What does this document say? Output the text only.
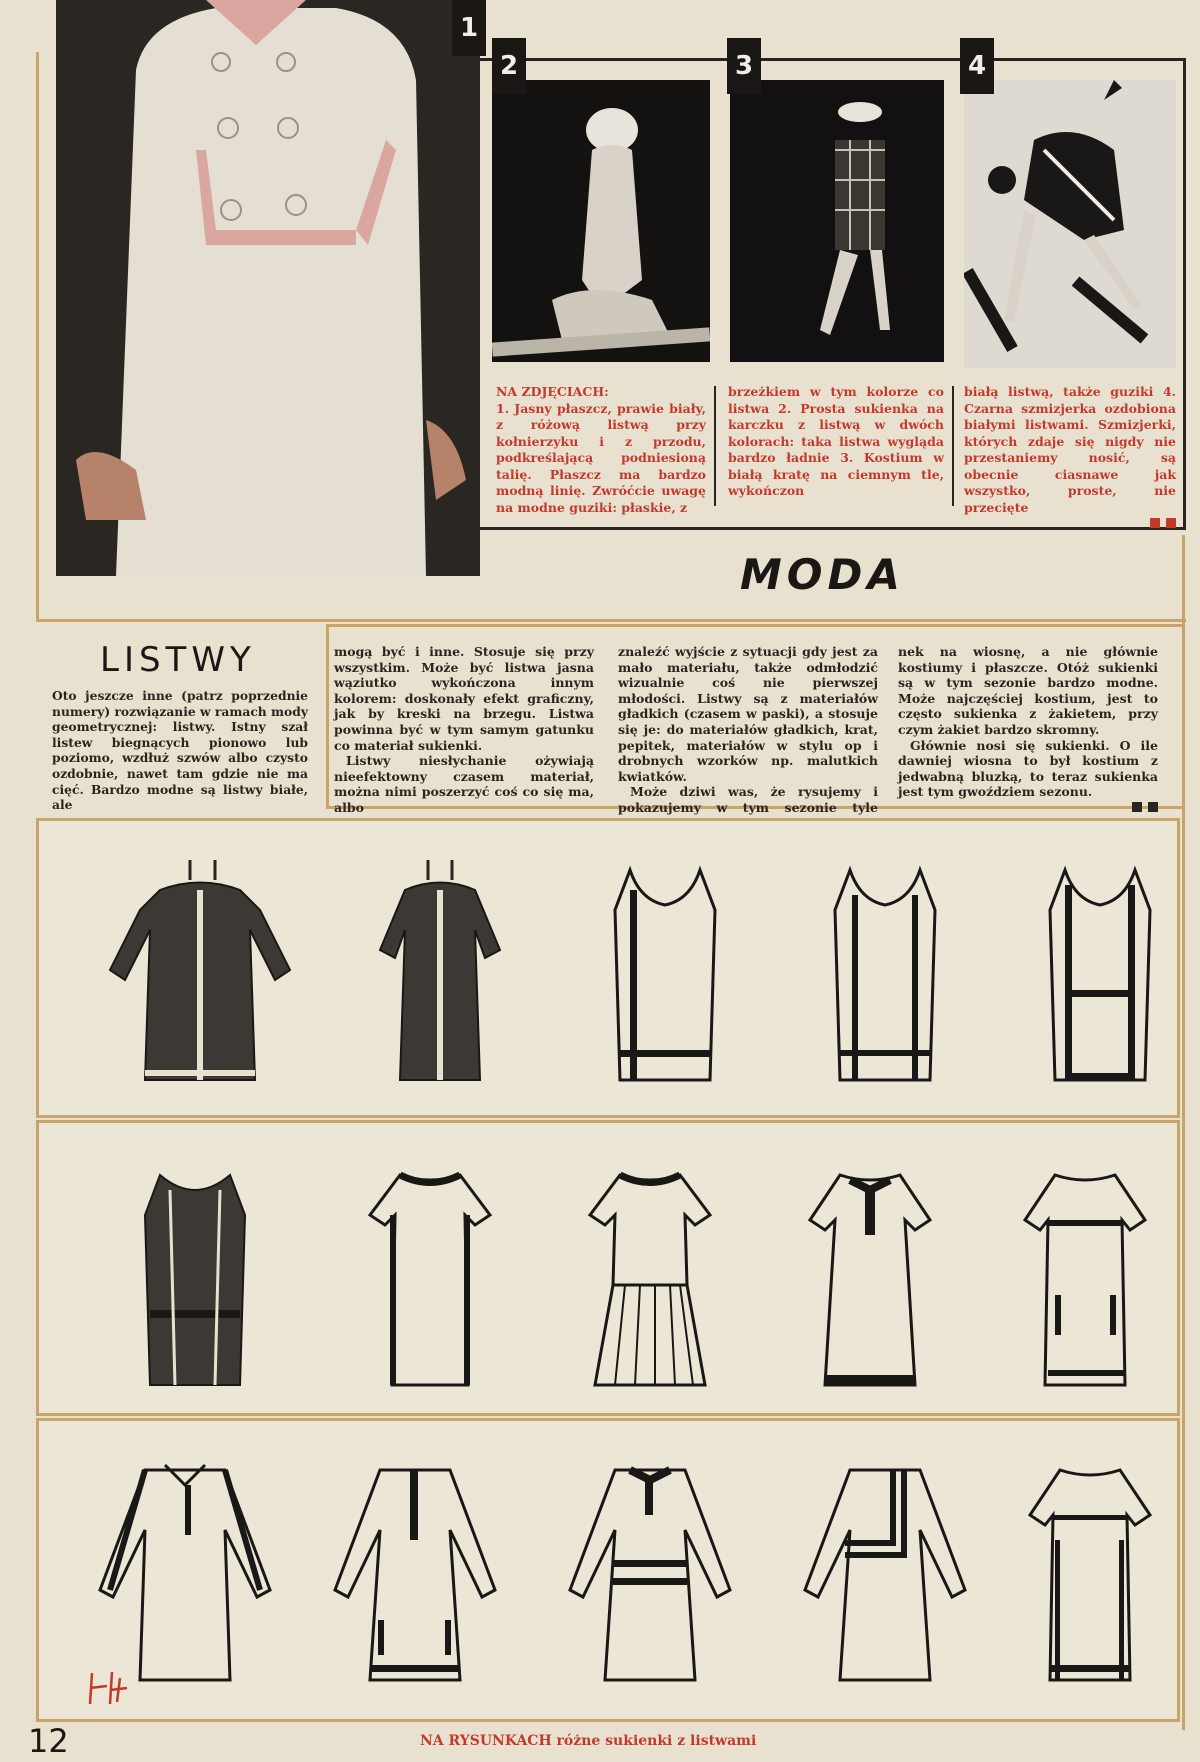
1
2	3	4

NA ZDJĘCIACH:

1. Jasny płaszcz, prawie biały, z różową listwą przy kołnierzyku i z przodu, podkreślającą podniesioną talię. Płaszcz ma bardzo modną linię. Zwróćcie uwagę na modne guziki: płaskie, z

brzeżkiem w tym kolorze co listwa 2. Prosta sukienka na karczku z listwą w dwóch kolorach: taka listwa wygląda bardzo ładnie 3. Kostium w białą kratę na ciemnym tle, wykończon

białą listwą, także guziki 4. Czarna szmizjerka ozdobiona białymi listwami. Szmizjerki, których zdaje się nigdy nie przestaniemy nosić, są obecnie ciasnawe jak wszystko, proste, nie przecięte

MODA
LISTWY

Oto jeszcze inne (patrz poprzednie numery) rozwiązanie w ramach mody geometrycznej: listwy. Istny szał listew biegnących pionowo lub poziomo, wzdłuż szwów albo czysto ozdobnie, nawet tam gdzie nie ma cięć. Bardzo modne są listwy białe, ale

mogą być i inne. Stosuje się przy wszystkim. Może być listwa jasna wąziutko wykończona innym kolorem: doskonały efekt graficzny, jak by kreski na brzegu. Listwa powinna być w tym samym gatunku co materiał sukienki.

Listwy niesłychanie ożywiają nieefektowny czasem materiał, można nimi poszerzyć coś co się ma, albo

znaleźć wyjście z sytuacji gdy jest za mało materiału, także odmłodzić wizualnie coś nie pierwszej młodości. Listwy są z materiałów gładkich (czasem w paski), a stosuje się je: do materiałów gładkich, krat, pepitek, materiałów w stylu op i drobnych wzorków np. malutkich kwiatków.

Może dziwi was, że rysujemy i pokazujemy w tym sezonie tyle

nek na wiosnę, a nie głównie kostiumy i płaszcze. Otóż sukienki są w tym sezonie bardzo modne. Może najczęściej kostium, jest to często sukienka z żakietem, przy czym żakiet bardzo skromny.

Głównie nosi się sukienki. O ile dawniej wiosna to był kostium z jedwabną bluzką, to teraz sukienka jest tym gwoździem sezonu.

12	NA RYSUNKACH różne sukienki z listwami
